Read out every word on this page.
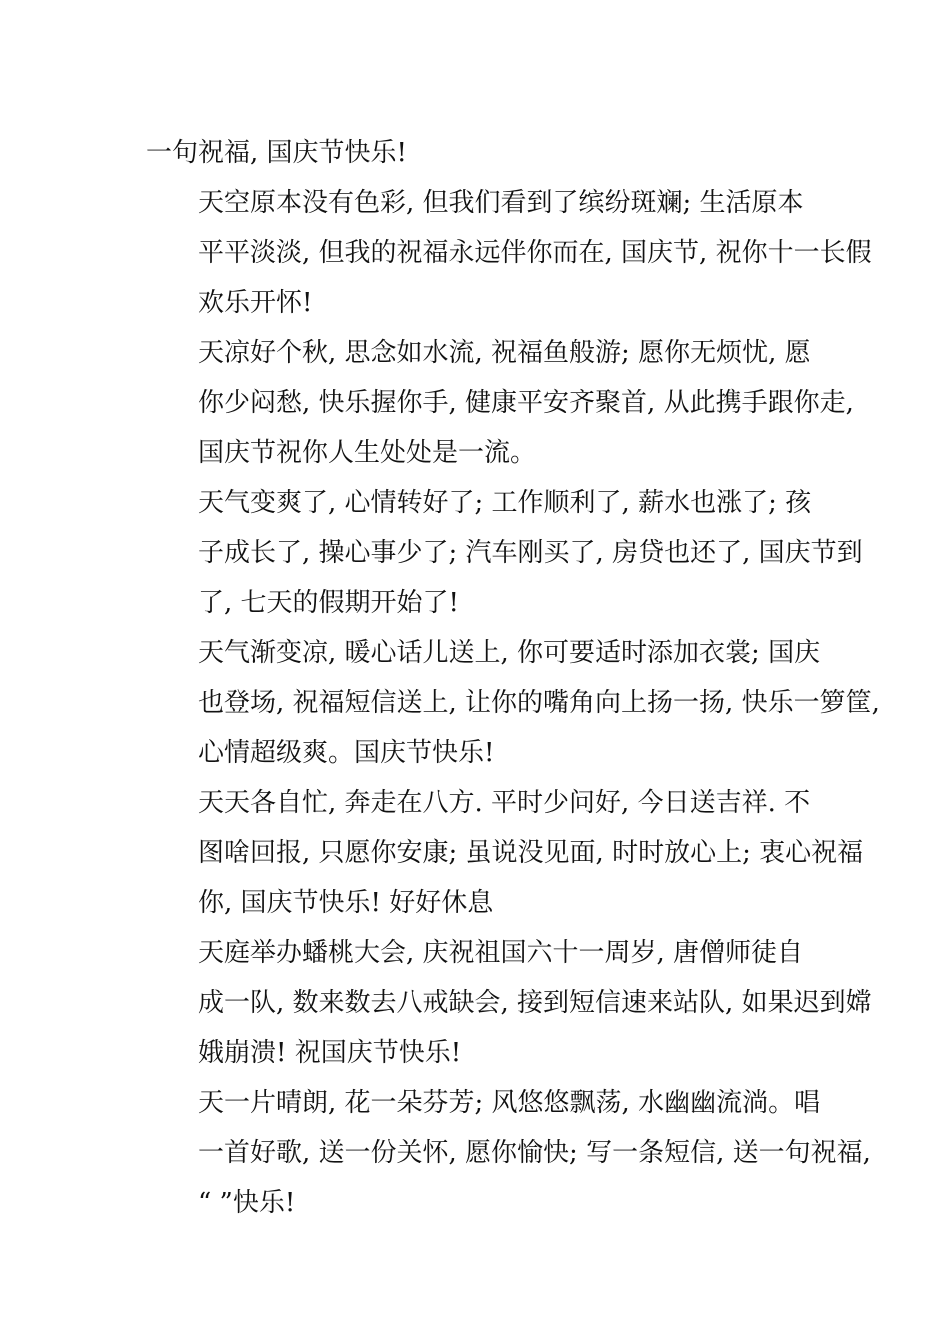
一句祝福, 国庆节快乐!

天空原本没有色彩, 但我们看到了缤纷斑斓; 生活原本
平平淡淡, 但我的祝福永远伴你而在, 国庆节, 祝你十一长假
欢乐开怀!

天凉好个秋, 思念如水流, 祝福鱼般游; 愿你无烦忧, 愿
你少闷愁, 快乐握你手, 健康平安齐聚首, 从此携手跟你走,
国庆节祝你人生处处是一流。

天气变爽了, 心情转好了; 工作顺利了, 薪水也涨了; 孩
子成长了, 操心事少了; 汽车刚买了, 房贷也还了, 国庆节到
了, 七天的假期开始了!

天气渐变凉, 暖心话儿送上, 你可要适时添加衣裳; 国庆
也登场, 祝福短信送上, 让你的嘴角向上扬一扬, 快乐一箩筐,
心情超级爽。国庆节快乐!

天天各自忙, 奔走在八方. 平时少问好, 今日送吉祥. 不
图啥回报, 只愿你安康; 虽说没见面, 时时放心上; 衷心祝福
你, 国庆节快乐! 好好休息

天庭举办蟠桃大会, 庆祝祖国六十一周岁, 唐僧师徒自
成一队, 数来数去八戒缺会, 接到短信速来站队, 如果迟到嫦
娥崩溃! 祝国庆节快乐!

天一片晴朗, 花一朵芬芳; 风悠悠飘荡, 水幽幽流淌。唱
一首好歌, 送一份关怀, 愿你愉快; 写一条短信, 送一句祝福,
“ ”快乐!
